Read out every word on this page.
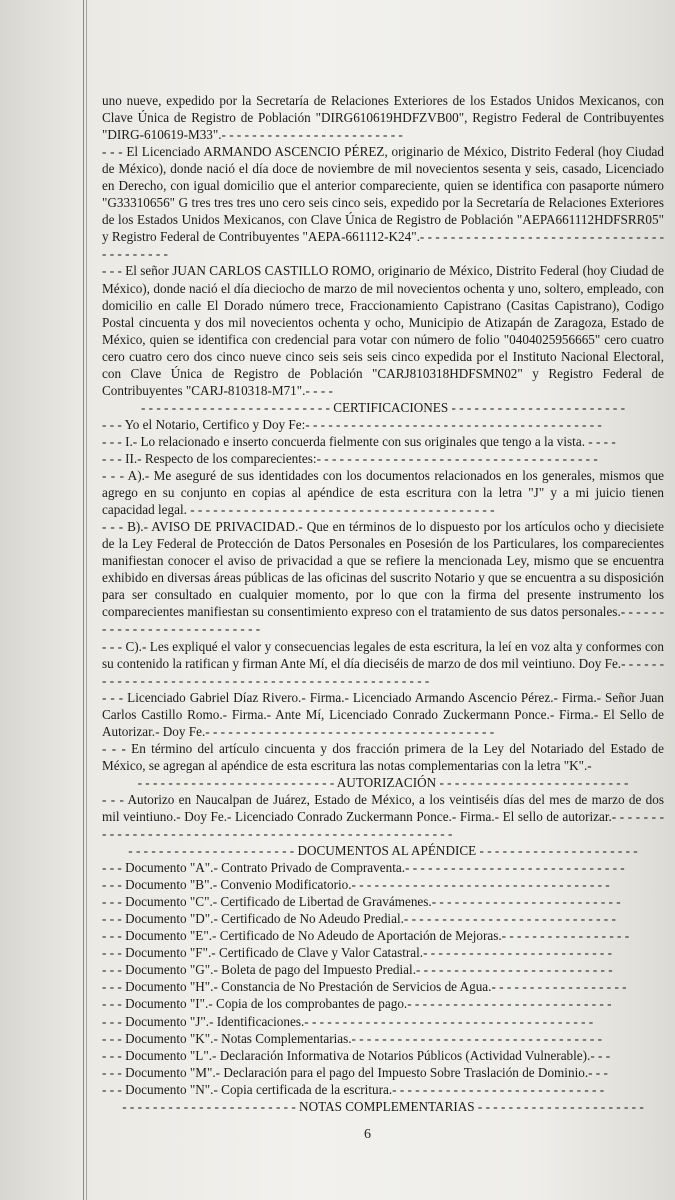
uno nueve, expedido por la Secretaría de Relaciones Exteriores de los Estados Unidos Mexicanos, con Clave Única de Registro de Población "DIRG610619HDFZVB00", Registro Federal de Contribuyentes "DIRG-610619-M33".- - - - - - - - - - - - - - - - - - - - - - - -

- - - El Licenciado ARMANDO ASCENCIO PÉREZ, originario de México, Distrito Federal (hoy Ciudad de México), donde nació el día doce de noviembre de mil novecientos sesenta y seis, casado, Licenciado en Derecho, con igual domicilio que el anterior compareciente, quien se identifica con pasaporte número "G33310656" G tres tres tres uno cero seis cinco seis, expedido por la Secretaría de Relaciones Exteriores de los Estados Unidos Mexicanos, con Clave Única de Registro de Población "AEPA661112HDFSRR05" y Registro Federal de Contribuyentes "AEPA-661112-K24".- - - - - - - - - - - - - - - - - - - - - - - - - - - - - - - - - - - - - - - - -

- - - El señor JUAN CARLOS CASTILLO ROMO, originario de México, Distrito Federal (hoy Ciudad de México), donde nació el día dieciocho de marzo de mil novecientos ochenta y uno, soltero, empleado, con domicilio en calle El Dorado número trece, Fraccionamiento Capistrano (Casitas Capistrano), Codigo Postal cincuenta y dos mil novecientos ochenta y ocho, Municipio de Atizapán de Zaragoza, Estado de México, quien se identifica con credencial para votar con número de folio "0404025956665" cero cuatro cero cuatro cero dos cinco nueve cinco seis seis seis cinco expedida por el Instituto Nacional Electoral, con Clave Única de Registro de Población "CARJ810318HDFSMN02" y Registro Federal de Contribuyentes "CARJ-810318-M71".- - - -

- - - - - - - - - - - - - - - - - - - - - - - - - CERTIFICACIONES - - - - - - - - - - - - - - - - - - - - - - -

- - - Yo el Notario, Certifico y Doy Fe:- - - - - - - - - - - - - - - - - - - - - - - - - - - - - - - - - - - - - - -

- - - I.- Lo relacionado e inserto concuerda fielmente con sus originales que tengo a la vista. - - - -

- - - II.- Respecto de los comparecientes:- - - - - - - - - - - - - - - - - - - - - - - - - - - - - - - - - - - - -

- - - A).- Me aseguré de sus identidades con los documentos relacionados en los generales, mismos que agrego en su conjunto en copias al apéndice de esta escritura con la letra "J" y a mi juicio tienen capacidad legal. - - - - - - - - - - - - - - - - - - - - - - - - - - - - - - - - - - - - - - - -

- - - B).- AVISO DE PRIVACIDAD.- Que en términos de lo dispuesto por los artículos ocho y diecisiete de la Ley Federal de Protección de Datos Personales en Posesión de los Particulares, los comparecientes manifiestan conocer el aviso de privacidad a que se refiere la mencionada Ley, mismo que se encuentra exhibido en diversas áreas públicas de las oficinas del suscrito Notario y que se encuentra a su disposición para ser consultado en cualquier momento, por lo que con la firma del presente instrumento los comparecientes manifiestan su consentimiento expreso con el tratamiento de sus datos personales.- - - - - - - - - - - - - - - - - - - - - - - - - - -

- - - C).- Les expliqué el valor y consecuencias legales de esta escritura, la leí en voz alta y conformes con su contenido la ratifican y firman Ante Mí, el día dieciséis de marzo de dos mil veintiuno. Doy Fe.- - - - - - - - - - - - - - - - - - - - - - - - - - - - - - - - - - - - - - - - - - - - - - - - -

- - - Licenciado Gabriel Díaz Rivero.- Firma.- Licenciado Armando Ascencio Pérez.- Firma.- Señor Juan Carlos Castillo Romo.- Firma.- Ante Mí, Licenciado Conrado Zuckermann Ponce.- Firma.- El Sello de Autorizar.- Doy Fe.- - - - - - - - - - - - - - - - - - - - - - - - - - - - - - - - - - - - - -

- - - En término del artículo cincuenta y dos fracción primera de la Ley del Notariado del Estado de México, se agregan al apéndice de esta escritura las notas complementarias con la letra "K".-

- - - - - - - - - - - - - - - - - - - - - - - - - - AUTORIZACIÓN - - - - - - - - - - - - - - - - - - - - - - - - -

- - - Autorizo en Naucalpan de Juárez, Estado de México, a los veintiséis días del mes de marzo de dos mil veintiuno.- Doy Fe.- Licenciado Conrado Zuckermann Ponce.- Firma.- El sello de autorizar.- - - - - - - - - - - - - - - - - - - - - - - - - - - - - - - - - - - - - - - - - - - - - - - - - - - - -

- - - - - - - - - - - - - - - - - - - - - - DOCUMENTOS AL APÉNDICE - - - - - - - - - - - - - - - - - - - - -

- - - Documento "A".- Contrato Privado de Compraventa.- - - - - - - - - - - - - - - - - - - - - - - - - - - - -

- - - Documento "B".- Convenio Modificatorio.- - - - - - - - - - - - - - - - - - - - - - - - - - - - - - - - - -

- - - Documento "C".- Certificado de Libertad de Gravámenes.- - - - - - - - - - - - - - - - - - - - - - - - -

- - - Documento "D".- Certificado de No Adeudo Predial.- - - - - - - - - - - - - - - - - - - - - - - - - - - -

- - - Documento "E".- Certificado de No Adeudo de Aportación de Mejoras.- - - - - - - - - - - - - - - - -

- - - Documento "F".- Certificado de Clave y Valor Catastral.- - - - - - - - - - - - - - - - - - - - - - - - -

- - - Documento "G".- Boleta de pago del Impuesto Predial.- - - - - - - - - - - - - - - - - - - - - - - - - -

- - - Documento "H".- Constancia de No Prestación de Servicios de Agua.- - - - - - - - - - - - - - - - - -

- - - Documento "I".- Copia de los comprobantes de pago.- - - - - - - - - - - - - - - - - - - - - - - - - - -

- - - Documento "J".- Identificaciones.- - - - - - - - - - - - - - - - - - - - - - - - - - - - - - - - - - - - - -

- - - Documento "K".- Notas Complementarias.- - - - - - - - - - - - - - - - - - - - - - - - - - - - - - - - -

- - - Documento "L".- Declaración Informativa de Notarios Públicos (Actividad Vulnerable).- - -

- - - Documento "M".- Declaración para el pago del Impuesto Sobre Traslación de Dominio.- - -

- - - Documento "N".- Copia certificada de la escritura.- - - - - - - - - - - - - - - - - - - - - - - - - - - -

- - - - - - - - - - - - - - - - - - - - - - - NOTAS COMPLEMENTARIAS - - - - - - - - - - - - - - - - - - - - - -

6
